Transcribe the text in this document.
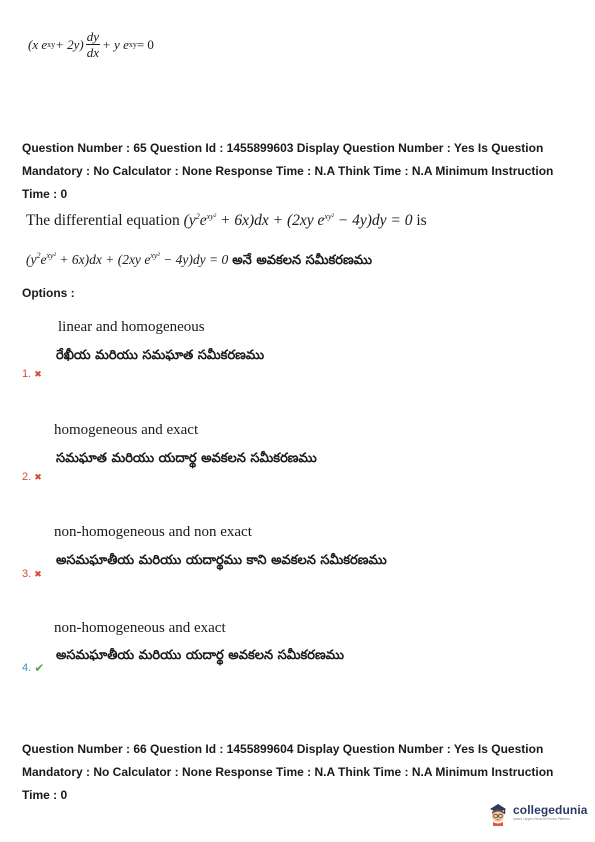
(x e xy + $2y) \frac{dy}{dx} + y$ e xy = 0
Question Number : 65 Question Id : 1455899603 Display Question Number : Yes Is Question
Mandatory : No Calculator : None Response Time : N.A Think Time : N.A Minimum Instruction
Time : 0
The differential equation $(y^2e^{xy^2} + 6x)dx + (2xy$ $e^{xy^2} - 4y)dy = 0$ is
$(y^2e^{xy^2} + 6x)dx + (2xy$ $e^{xy^2} - 4y)dy = 0$ అనే అవకలన సమీకరణము
Options :
linear and homogeneous
రేఖీయ మరియు సమఘాత సమీకరణము
1. ✖
homogeneous and exact
సమఘాత మరియు యదార్థ అవకలన సమీకరణము
2. ✖
non-homogeneous and non exact
అసమఘాతీయ మరియు యదార్థము కాని అవకలన సమీకరణము
3. ✖
non-homogeneous and exact
అసమఘాతీయ మరియు యదార్థ అవకలన సమీకరణము
4. ✔
Question Number : 66 Question Id : 1455899604 Display Question Number : Yes Is Question
Mandatory : No Calculator : None Response Time : N.A Think Time : N.A Minimum Instruction
Time : 0
collegedunia
India's Largest Student Review Platform
